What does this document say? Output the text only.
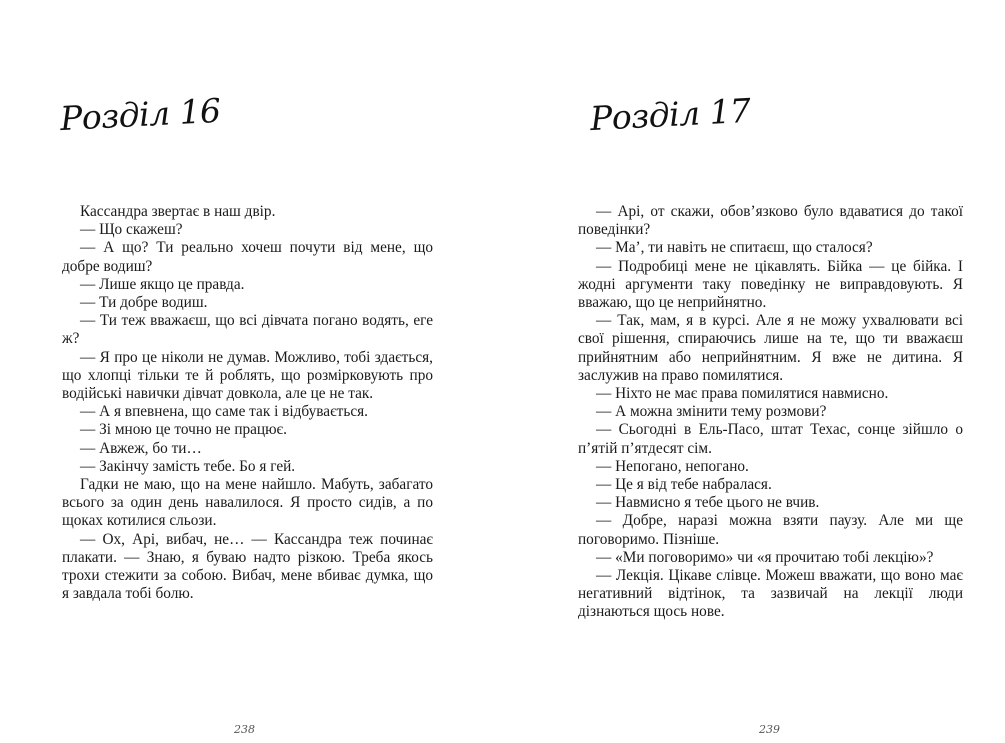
Розділ 16

Кассандра звертає в наш двір.

— Що скажеш?

— А що? Ти реально хочеш почути від мене, що добре водиш?

— Лише якщо це правда.

— Ти добре водиш.

— Ти теж вважаєш, що всі дівчата погано водять, еге ж?

— Я про це ніколи не думав. Можливо, тобі здається, що хлопці тільки те й роблять, що розмірковують про водійські навички дівчат довкола, але це не так.

— А я впевнена, що саме так і відбувається.

— Зі мною це точно не працює.

— Авжеж, бо ти…

— Закінчу замість тебе. Бо я гей.

Гадки не маю, що на мене найшло. Мабуть, забагато всього за один день навалилося. Я просто сидів, а по щоках котилися сльози.

— Ох, Арі, вибач, не… — Кассандра теж починає плакати. — Знаю, я буваю надто різкою. Треба якось трохи стежити за собою. Вибач, мене вбиває думка, що я завдала тобі болю.

238
Розділ 17

— Арі, от скажи, обов’язково було вдаватися до такої поведінки?

— Ма’, ти навіть не спитаєш, що сталося?

— Подробиці мене не цікавлять. Бійка — це бійка. І жодні аргументи таку поведінку не виправдовують. Я вважаю, що це неприйнятно.

— Так, мам, я в курсі. Але я не можу ухвалювати всі свої рішення, спираючись лише на те, що ти вважаєш прийнятним або неприйнятним. Я вже не дитина. Я заслужив на право помилятися.

— Ніхто не має права помилятися навмисно.

— А можна змінити тему розмови?

— Сьогодні в Ель-Пасо, штат Техас, сонце зійшло о п’ятій п’ятдесят сім.

— Непогано, непогано.

— Це я від тебе набралася.

— Навмисно я тебе цього не вчив.

— Добре, наразі можна взяти паузу. Але ми ще поговоримо. Пізніше.

— «Ми поговоримо» чи «я прочитаю тобі лекцію»?

— Лекція. Цікаве слівце. Можеш вважати, що воно має негативний відтінок, та зазвичай на лекції люди дізнаються щось нове.

239
